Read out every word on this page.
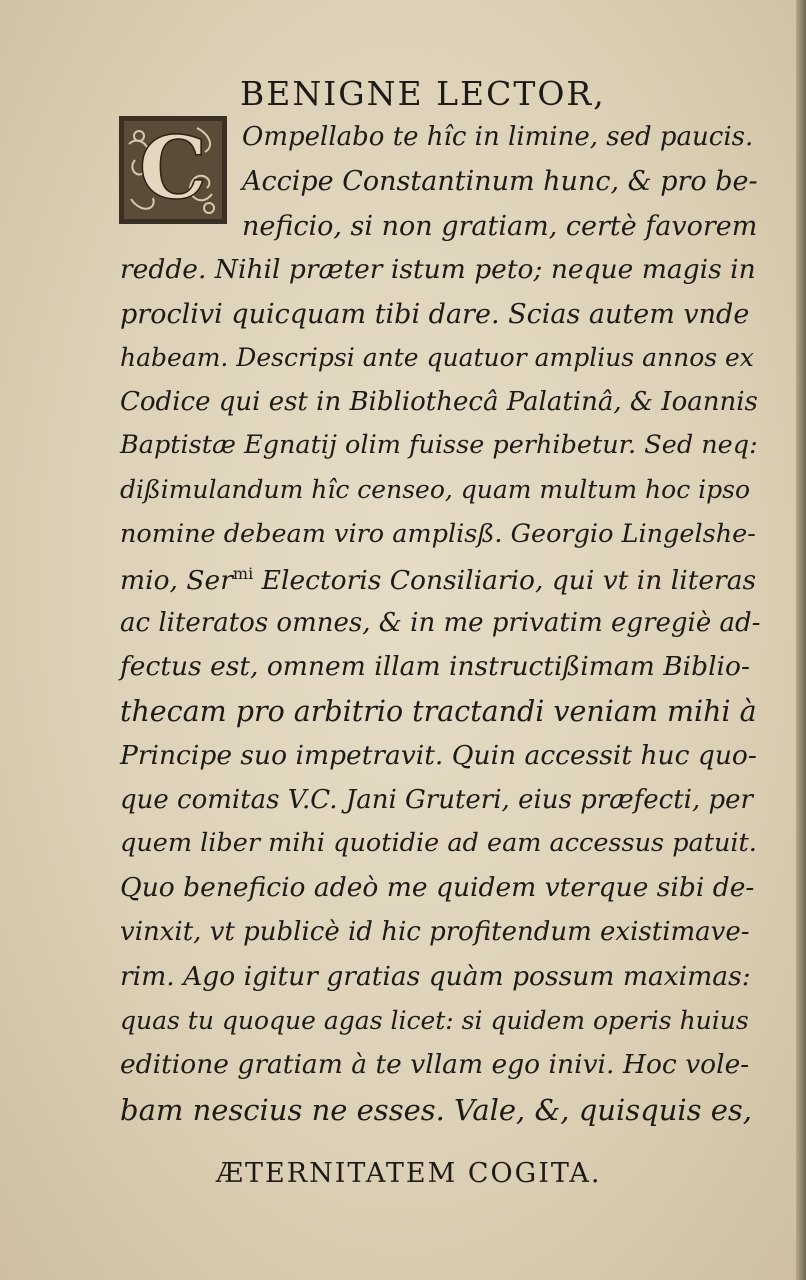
BENIGNE LECTOR,
C Ompellabo te hîc in limine, sed paucis.
Accipe Constantinum hunc, & pro be-
neficio, si non gratiam, certè favorem
redde. Nihil præter istum peto; neque magis in
proclivi quicquam tibi dare. Scias autem vnde
habeam. Descripsi ante quatuor amplius annos ex
Codice qui est in Bibliothecâ Palatinâ, & Ioannis
Baptistæ Egnatij olim fuisse perhibetur. Sed neq:
dißimulandum hîc censeo, quam multum hoc ipso
nomine debeam viro amplisß. Georgio Lingelshe-
mio, Ser$^{mi}$ Electoris Consiliario, qui vt in literas
ac literatos omnes, & in me privatim egregiè ad-
fectus est, omnem illam instructißimam Biblio-
thecam pro arbitrio tractandi veniam mihi à
Principe suo impetravit. Quin accessit huc quo-
que comitas V.C. Jani Gruteri, eius præfecti, per
quem liber mihi quotidie ad eam accessus patuit.
Quo beneficio adeò me quidem vterque sibi de-
vinxit, vt publicè id hic profitendum existimave-
rim. Ago igitur gratias quàm possum maximas:
quas tu quoque agas licet: si quidem operis huius
editione gratiam à te vllam ego inivi. Hoc vole-
bam nescius ne esses. Vale, &, quisquis es,
ÆTERNITATEM COGITA.
